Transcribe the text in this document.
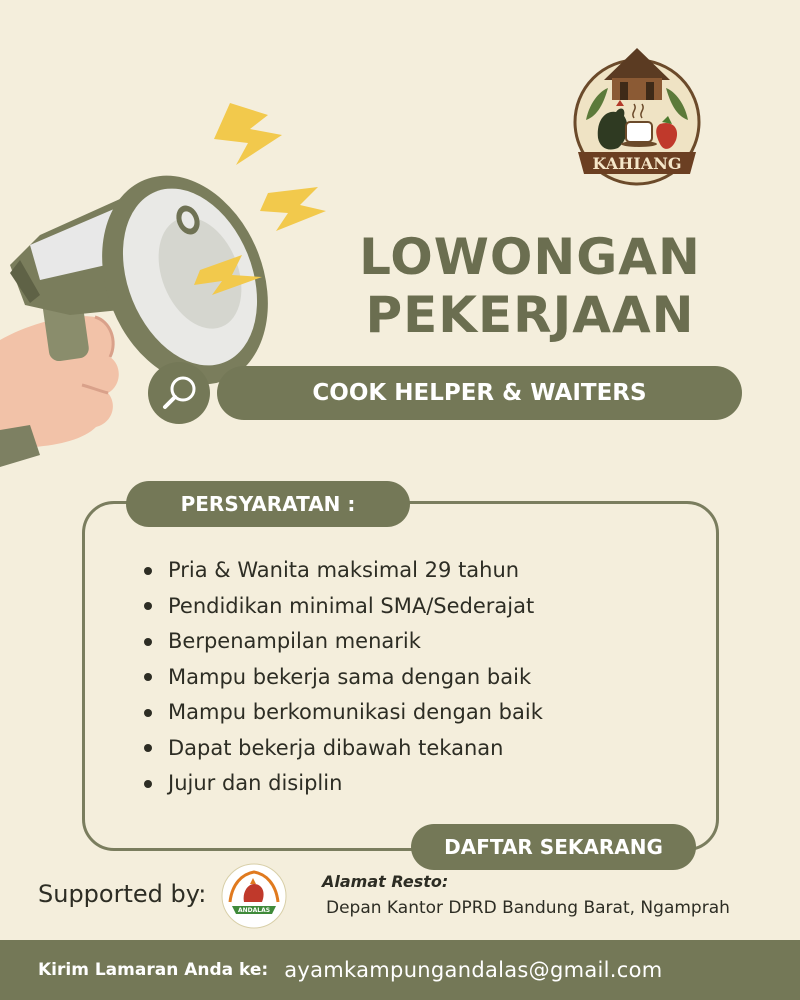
KAHIANG
LOWONGAN
PEKERJAAN
COOK HELPER & WAITERS
PERSYARATAN :
Pria & Wanita maksimal 29 tahun
Pendidikan minimal SMA/Sederajat
Berpenampilan menarik
Mampu bekerja sama dengan baik
Mampu berkomunikasi dengan baik
Dapat bekerja dibawah tekanan
Jujur dan disiplin
DAFTAR SEKARANG
Supported by:
ANDALAS
Alamat Resto:
Depan Kantor DPRD Bandung Barat, Ngamprah
Kirim Lamaran Anda ke: ayamkampungandalas@gmail.com
